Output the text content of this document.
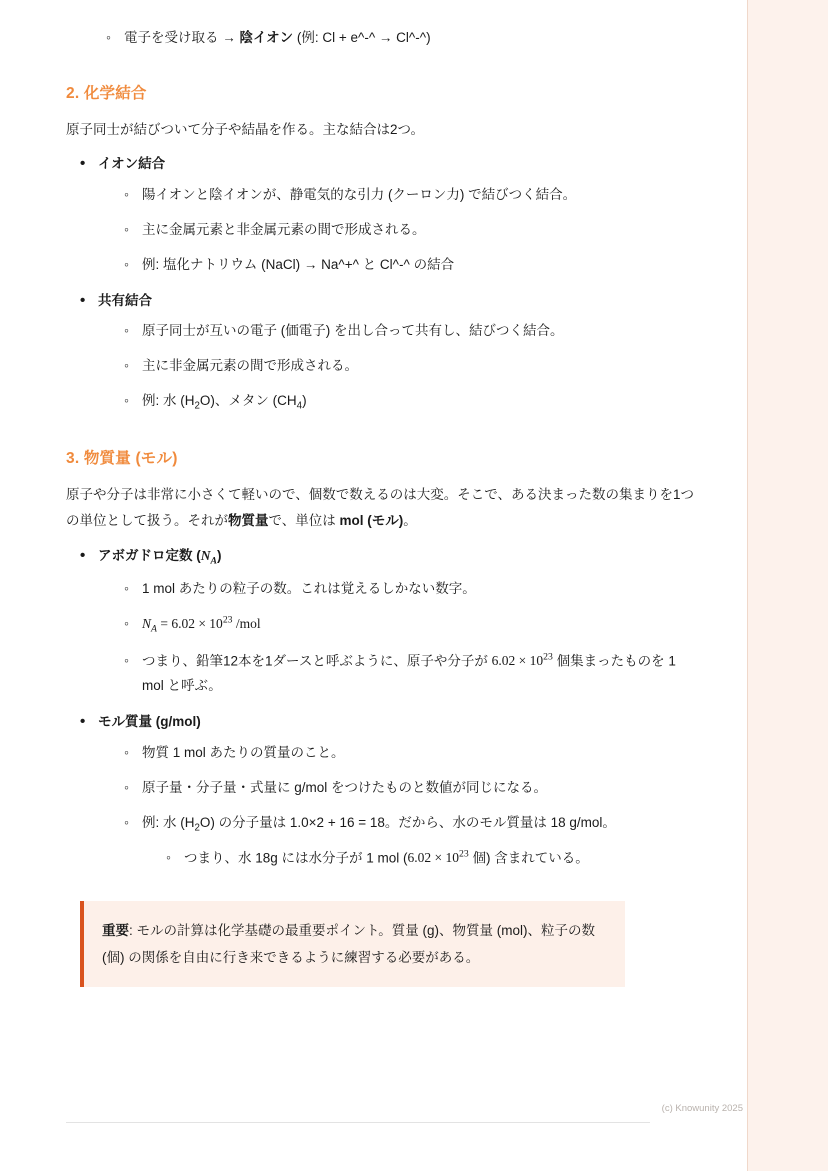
◦ 電子を受け取る → 陰イオン (例: Cl + e^-^ → Cl^-^)
2. 化学結合

原子同士が結びついて分子や結晶を作る。主な結合は2つ。

• イオン結合
◦ 陽イオンと陰イオンが、静電気的な引力 (クーロン力) で結びつく結合。
◦ 主に金属元素と非金属元素の間で形成される。
◦ 例: 塩化ナトリウム (NaCl) → Na^+^ と Cl^-^ の結合
• 共有結合
◦ 原子同士が互いの電子 (価電子) を出し合って共有し、結びつく結合。
◦ 主に非金属元素の間で形成される。
◦ 例: 水 $(H_2O)$、メタン $(CH_4)$
3. 物質量 (モル)

原子や分子は非常に小さくて軽いので、個数で数えるのは大変。そこで、ある決まった数の集まりを1つの単位として扱う。それが物質量で、単位は mol (モル)。

• アボガドロ定数 $(N_A)$
◦ 1 mol あたりの粒子の数。これは覚えるしかない数字。
◦ $N_A = 6.02 \times 10^{23}$ /mol
◦ つまり、鉛筆12本を1ダースと呼ぶように、原子や分子が $6.02 \times 10^{23}$ 個集まったものを 1 mol と呼ぶ。
• モル質量 (g/mol)
◦ 物質 1 mol あたりの質量のこと。
◦ 原子量・分子量・式量に g/mol をつけたものと数値が同じになる。
◦ 例: 水 $(H_2O)$ の分子量は 1.0×2 + 16 = 18。だから、水のモル質量は 18 g/mol。
◦ つまり、水 18g には水分子が 1 mol ($6.02 \times 10^{23}$ 個) 含まれている。
重要: モルの計算は化学基礎の最重要ポイント。質量 (g)、物質量 (mol)、粒子の数 (個) の関係を自由に行き来できるように練習する必要がある。
(c) Knowunity 2025
